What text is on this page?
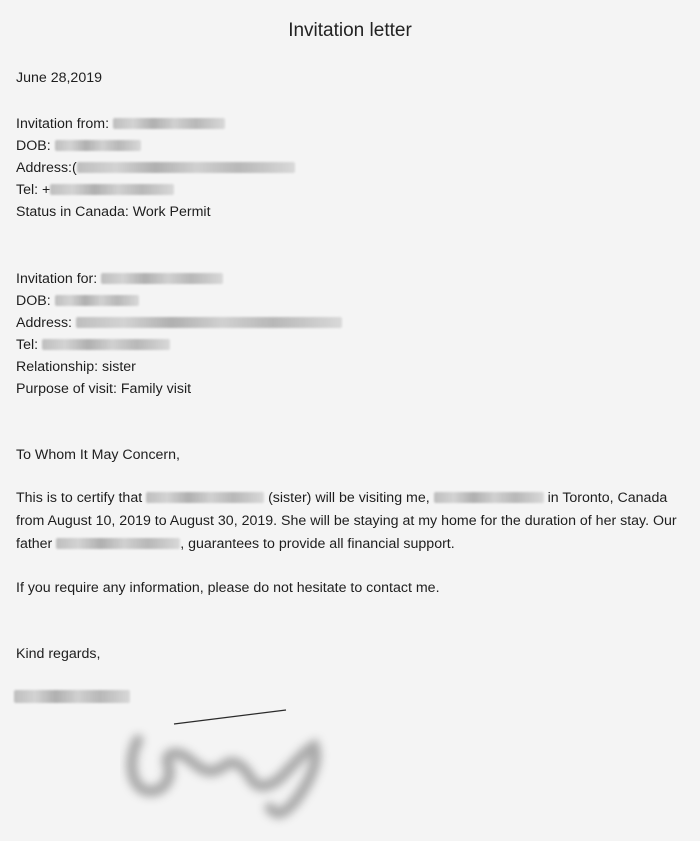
Invitation letter
June 28,2019
Invitation from:
DOB:
Address:(
Tel: +
Status in Canada: Work Permit
Invitation for:
DOB:
Address:
Tel:
Relationship: sister
Purpose of visit: Family visit
To Whom It May Concern,
This is to certify that	(sister) will be visiting me,	in Toronto, Canada from August 10, 2019 to August 30, 2019. She will be staying at my home for the duration of her stay. Our father	, guarantees to provide all financial support.
If you require any information, please do not hesitate to contact me.
Kind regards,
